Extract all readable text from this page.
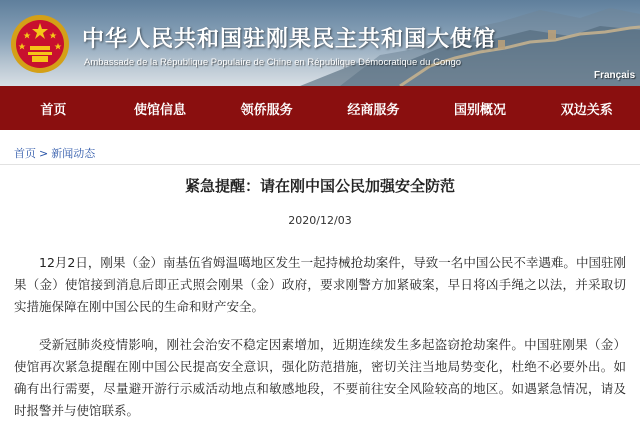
中华人民共和国驻刚果民主共和国大使馆
Ambassade de la République Populaire de Chine en République Démocratique du Congo
Français
首页	使馆信息	领侨服务	经商服务	国别概况	双边关系
首页 > 新闻动态
紧急提醒：请在刚中国公民加强安全防范
2020/12/03

12月2日，刚果（金）南基伍省姆温噶地区发生一起持械抢劫案件，导致一名中国公民不幸遇难。中国驻刚果（金）使馆接到消息后即正式照会刚果（金）政府，要求刚警方加紧破案，早日将凶手绳之以法，并采取切实措施保障在刚中国公民的生命和财产安全。

受新冠肺炎疫情影响，刚社会治安不稳定因素增加，近期连续发生多起盗窃抢劫案件。中国驻刚果（金）使馆再次紧急提醒在刚中国公民提高安全意识，强化防范措施，密切关注当地局势变化，杜绝不必要外出。如确有出行需要，尽量避开游行示威活动地点和敏感地段，不要前往安全风险较高的地区。如遇紧急情况，请及时报警并与使馆联系。
